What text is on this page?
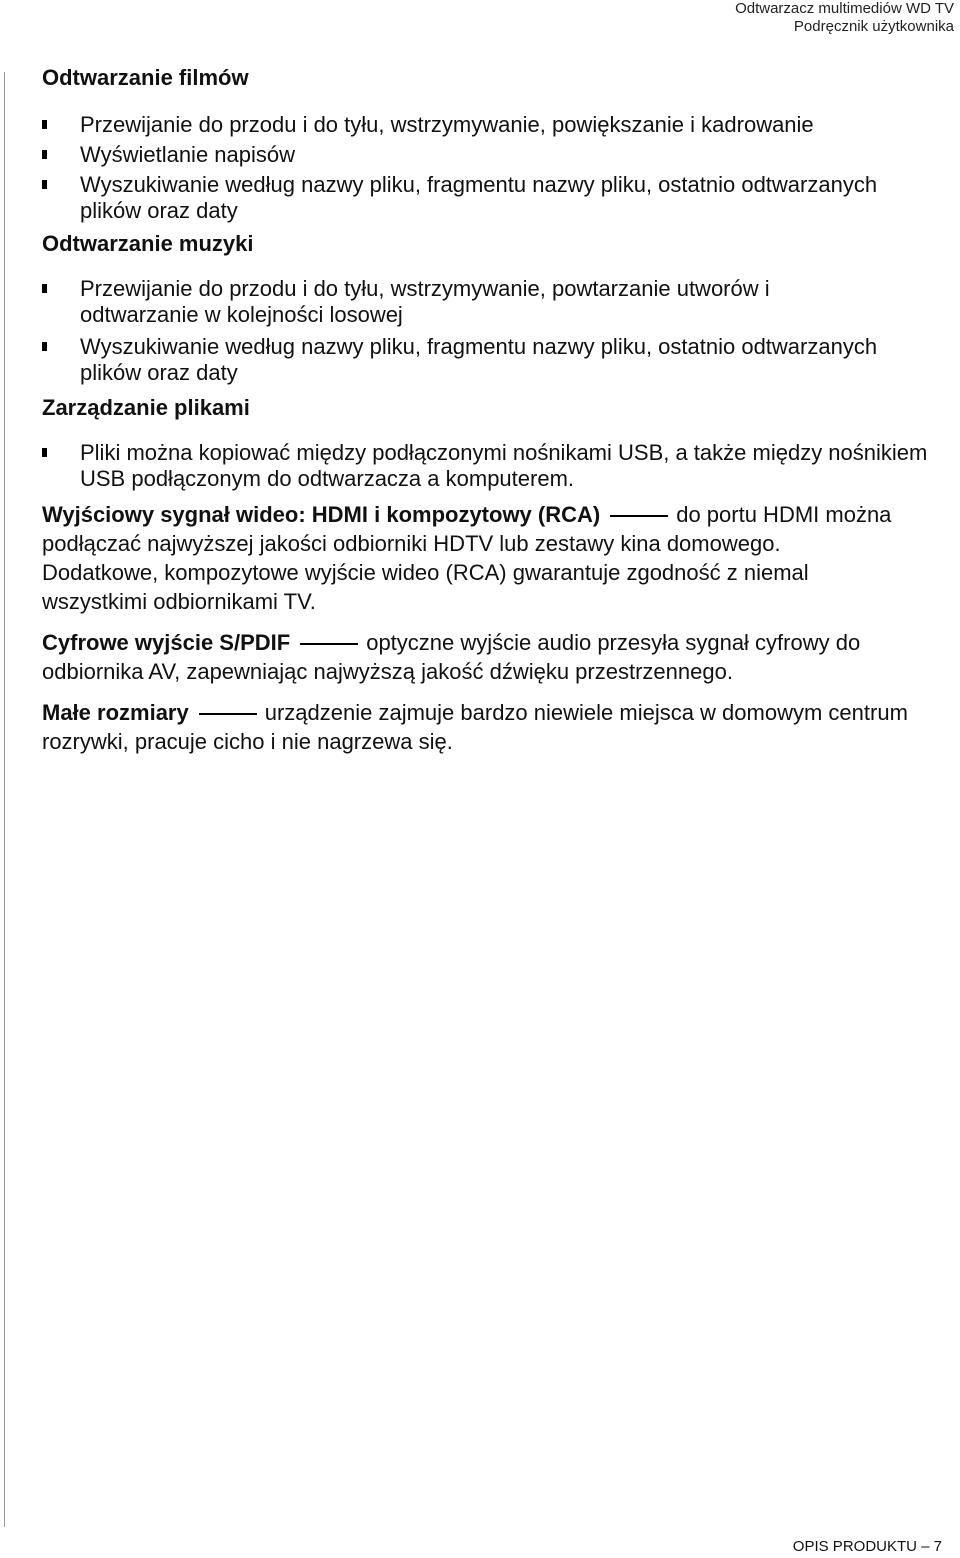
Odtwarzacz multimediów WD TV
Podręcznik użytkownika
Odtwarzanie filmów
Przewijanie do przodu i do tyłu, wstrzymywanie, powiększanie i kadrowanie
Wyświetlanie napisów
Wyszukiwanie według nazwy pliku, fragmentu nazwy pliku, ostatnio odtwarzanych plików oraz daty
Odtwarzanie muzyki
Przewijanie do przodu i do tyłu, wstrzymywanie, powtarzanie utworów i odtwarzanie w kolejności losowej
Wyszukiwanie według nazwy pliku, fragmentu nazwy pliku, ostatnio odtwarzanych plików oraz daty
Zarządzanie plikami
Pliki można kopiować między podłączonymi nośnikami USB, a także między nośnikiem USB podłączonym do odtwarzacza a komputerem.

Wyjściowy sygnał wideo: HDMI i kompozytowy (RCA)	do portu HDMI można podłączać najwyższej jakości odbiorniki HDTV lub zestawy kina domowego. Dodatkowe, kompozytowe wyjście wideo (RCA) gwarantuje zgodność z niemal wszystkimi odbiornikami TV.

Cyfrowe wyjście S/PDIF	optyczne wyjście audio przesyła sygnał cyfrowy do odbiornika AV, zapewniając najwyższą jakość dźwięku przestrzennego.

Małe rozmiary	urządzenie zajmuje bardzo niewiele miejsca w domowym centrum rozrywki, pracuje cicho i nie nagrzewa się.

OPIS PRODUKTU – 7
